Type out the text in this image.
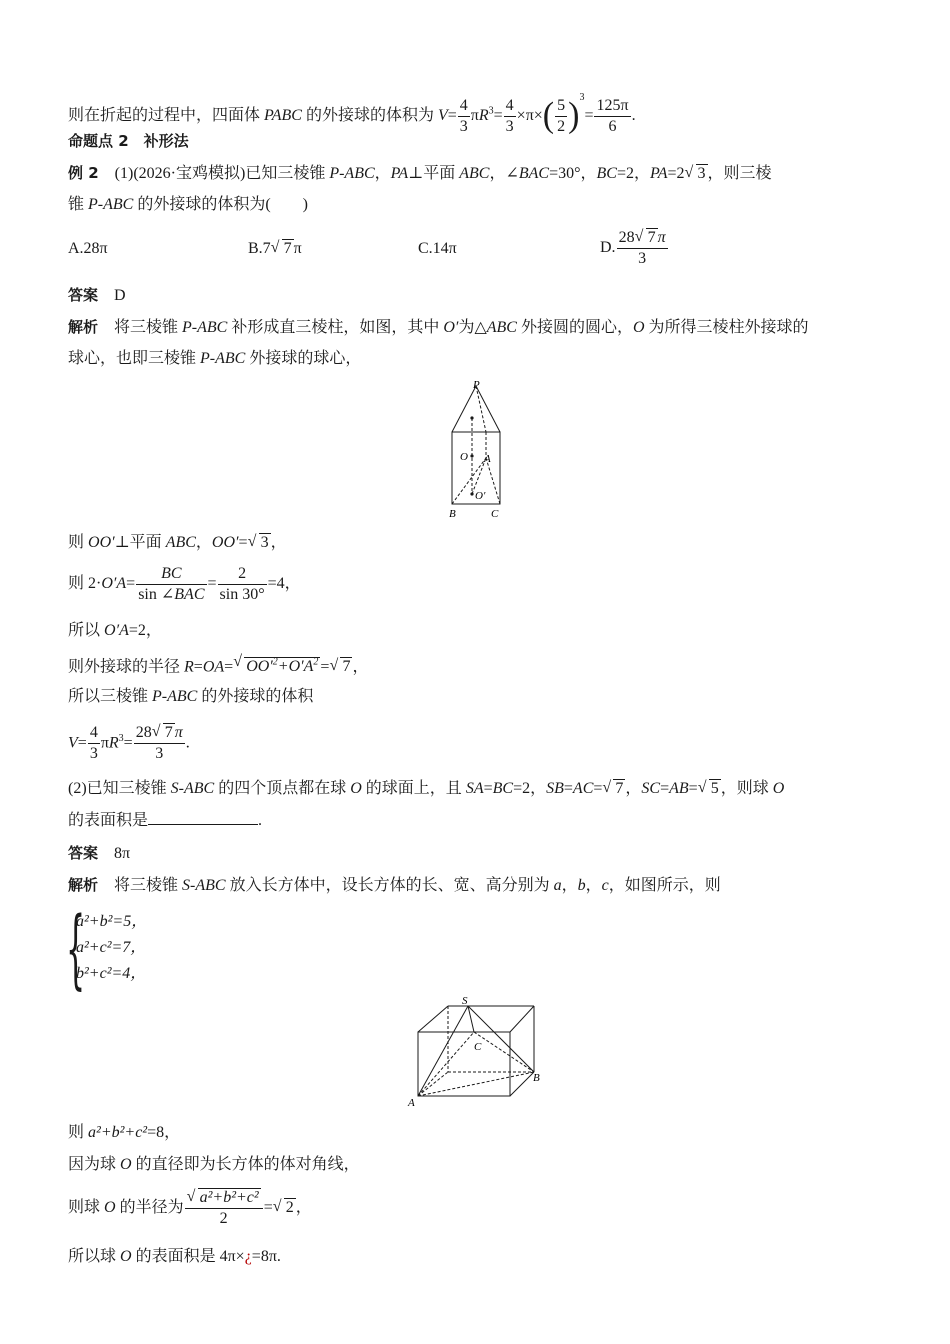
则在折起的过程中，四面体 PABC 的外接球的体积为 $V= \frac{4}{3} \pi R^3= \frac{4}{3} \times\pi\times( \frac{5}{2} )^3= \frac{125\pi}{6}$ .
命题点 2　补形法
例 2　(1)(2026·宝鸡模拟)已知三棱锥 P-ABC，PA⊥平面 ABC，∠BAC=30°，BC=2，PA=2 √ 3 ，则三棱
锥 P-ABC 的外接球的体积为(　　)
A.28π	B.7 √ 7 π	C.14π	D. $\frac{28 √ 7 \pi}{3}$
答案　 D
解析　将三棱锥 P-ABC 补形成直三棱柱，如图，其中 O′为△ABC 外接圆的圆心，O 为所得三棱柱外接球的
球心，也即三棱锥 P-ABC 外接球的球心，
P
O A
O′
B	C
则 OO′⊥平面 ABC，OO′= √ 3 ，
则 $2\cdot O'A= \frac{BC}{\text{sin ∠BAC}} = \frac{2}{\sin 30^\circ} =4$，
所以 O′A=2，
则外接球的半径 R=OA= √ $OO'^2+O'A^2$ = √ 7 ，
所以三棱锥 P-ABC 的外接球的体积
$V= \frac{4}{3} \pi R^3= \frac{28 √ 7 \pi}{3}$ .
(2)已知三棱锥 S-ABC 的四个顶点都在球 O 的球面上，且 SA=BC=2，SB=AC= √ 7 ，SC=AB= √ 5 ，则球 O
的表面积是	.
答案　 8π
解析　将三棱锥 S-ABC 放入长方体中，设长方体的长、宽、高分别为 a，b，c，如图所示，则
{
a²+b²=5，
a²+c²=7，
b²+c²=4，
S
C
B
A
则 a²+b²+c²=8，
因为球 O 的直径即为长方体的体对角线，
则球 O 的半径为 √ $\frac{\text{a²+b²+c²}}{2}$ = √ 2 ，
所以球 O 的表面积是 4π×¿=8π.
